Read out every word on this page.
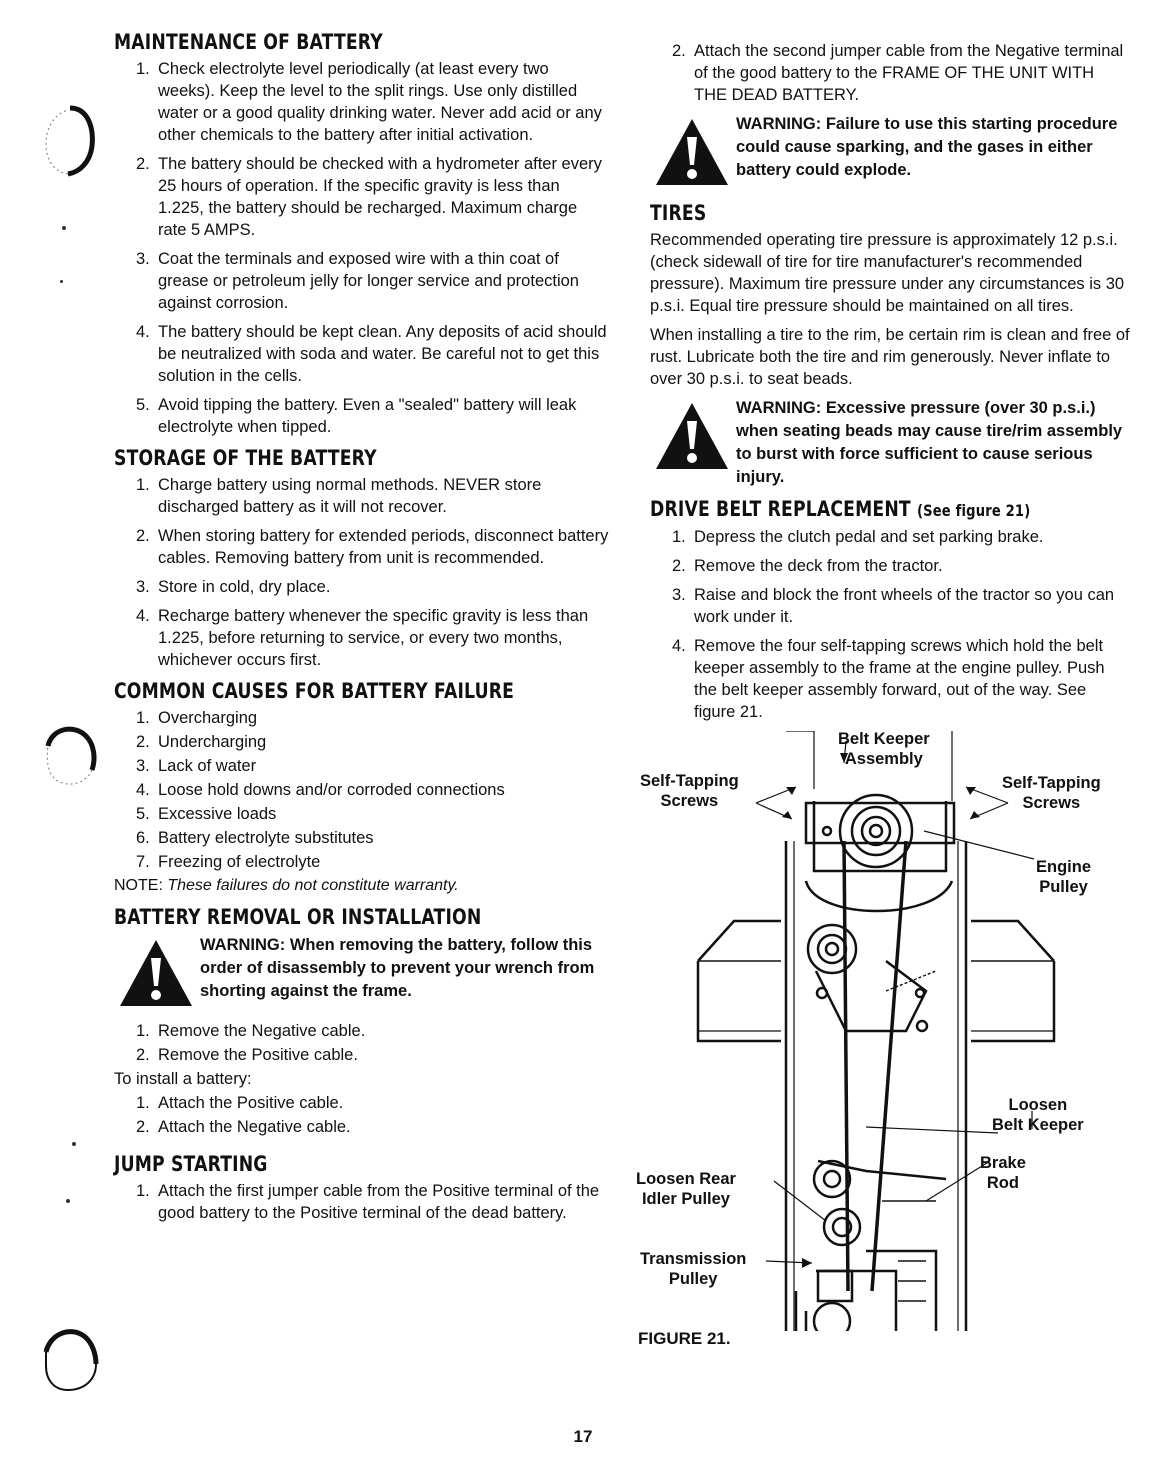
MAINTENANCE OF BATTERY
1. Check electrolyte level periodically (at least every two weeks). Keep the level to the split rings. Use only distilled water or a good quality drinking water. Never add acid or any other chemicals to the battery after initial activation.
2. The battery should be checked with a hydrometer after every 25 hours of operation. If the specific gravity is less than 1.225, the battery should be recharged. Maximum charge rate 5 AMPS.
3. Coat the terminals and exposed wire with a thin coat of grease or petroleum jelly for longer service and protection against corrosion.
4. The battery should be kept clean. Any deposits of acid should be neutralized with soda and water. Be careful not to get this solution in the cells.
5. Avoid tipping the battery. Even a "sealed" battery will leak electrolyte when tipped.
STORAGE OF THE BATTERY
1. Charge battery using normal methods. NEVER store discharged battery as it will not recover.
2. When storing battery for extended periods, disconnect battery cables. Removing battery from unit is recommended.
3. Store in cold, dry place.
4. Recharge battery whenever the specific gravity is less than 1.225, before returning to service, or every two months, whichever occurs first.
COMMON CAUSES FOR BATTERY FAILURE
1. Overcharging
2. Undercharging
3. Lack of water
4. Loose hold downs and/or corroded connections
5. Excessive loads
6. Battery electrolyte substitutes
7. Freezing of electrolyte

NOTE: These failures do not constitute warranty.

BATTERY REMOVAL OR INSTALLATION
WARNING: When removing the battery, follow this order of disassembly to prevent your wrench from shorting against the frame.
1. Remove the Negative cable.
2. Remove the Positive cable.

To install a battery:

1. Attach the Positive cable.
2. Attach the Negative cable.
JUMP STARTING
1. Attach the first jumper cable from the Positive terminal of the good battery to the Positive terminal of the dead battery.
2. Attach the second jumper cable from the Negative terminal of the good battery to the FRAME OF THE UNIT WITH THE DEAD BATTERY.
WARNING: Failure to use this starting procedure could cause sparking, and the gases in either battery could explode.
TIRES

Recommended operating tire pressure is approximately 12 p.s.i. (check sidewall of tire for tire manufacturer's recommended pressure). Maximum tire pressure under any circumstances is 30 p.s.i. Equal tire pressure should be maintained on all tires.

When installing a tire to the rim, be certain rim is clean and free of rust. Lubricate both the tire and rim generously. Never inflate to over 30 p.s.i. to seat beads.

WARNING: Excessive pressure (over 30 p.s.i.) when seating beads may cause tire/rim assembly to burst with force sufficient to cause serious injury.
DRIVE BELT REPLACEMENT (See figure 21)
1. Depress the clutch pedal and set parking brake.
2. Remove the deck from the tractor.
3. Raise and block the front wheels of the tractor so you can work under it.
4. Remove the four self-tapping screws which hold the belt keeper assembly to the frame at the engine pulley. Push the belt keeper assembly forward, out of the way. See figure 21.
Belt Keeper
Assembly
Self-Tapping
Screws
Self-Tapping
Screws
Engine
Pulley
Loosen
Belt Keeper
Loosen Rear
Idler Pulley
Brake
Rod
Transmission
Pulley
FIGURE 21.
17
